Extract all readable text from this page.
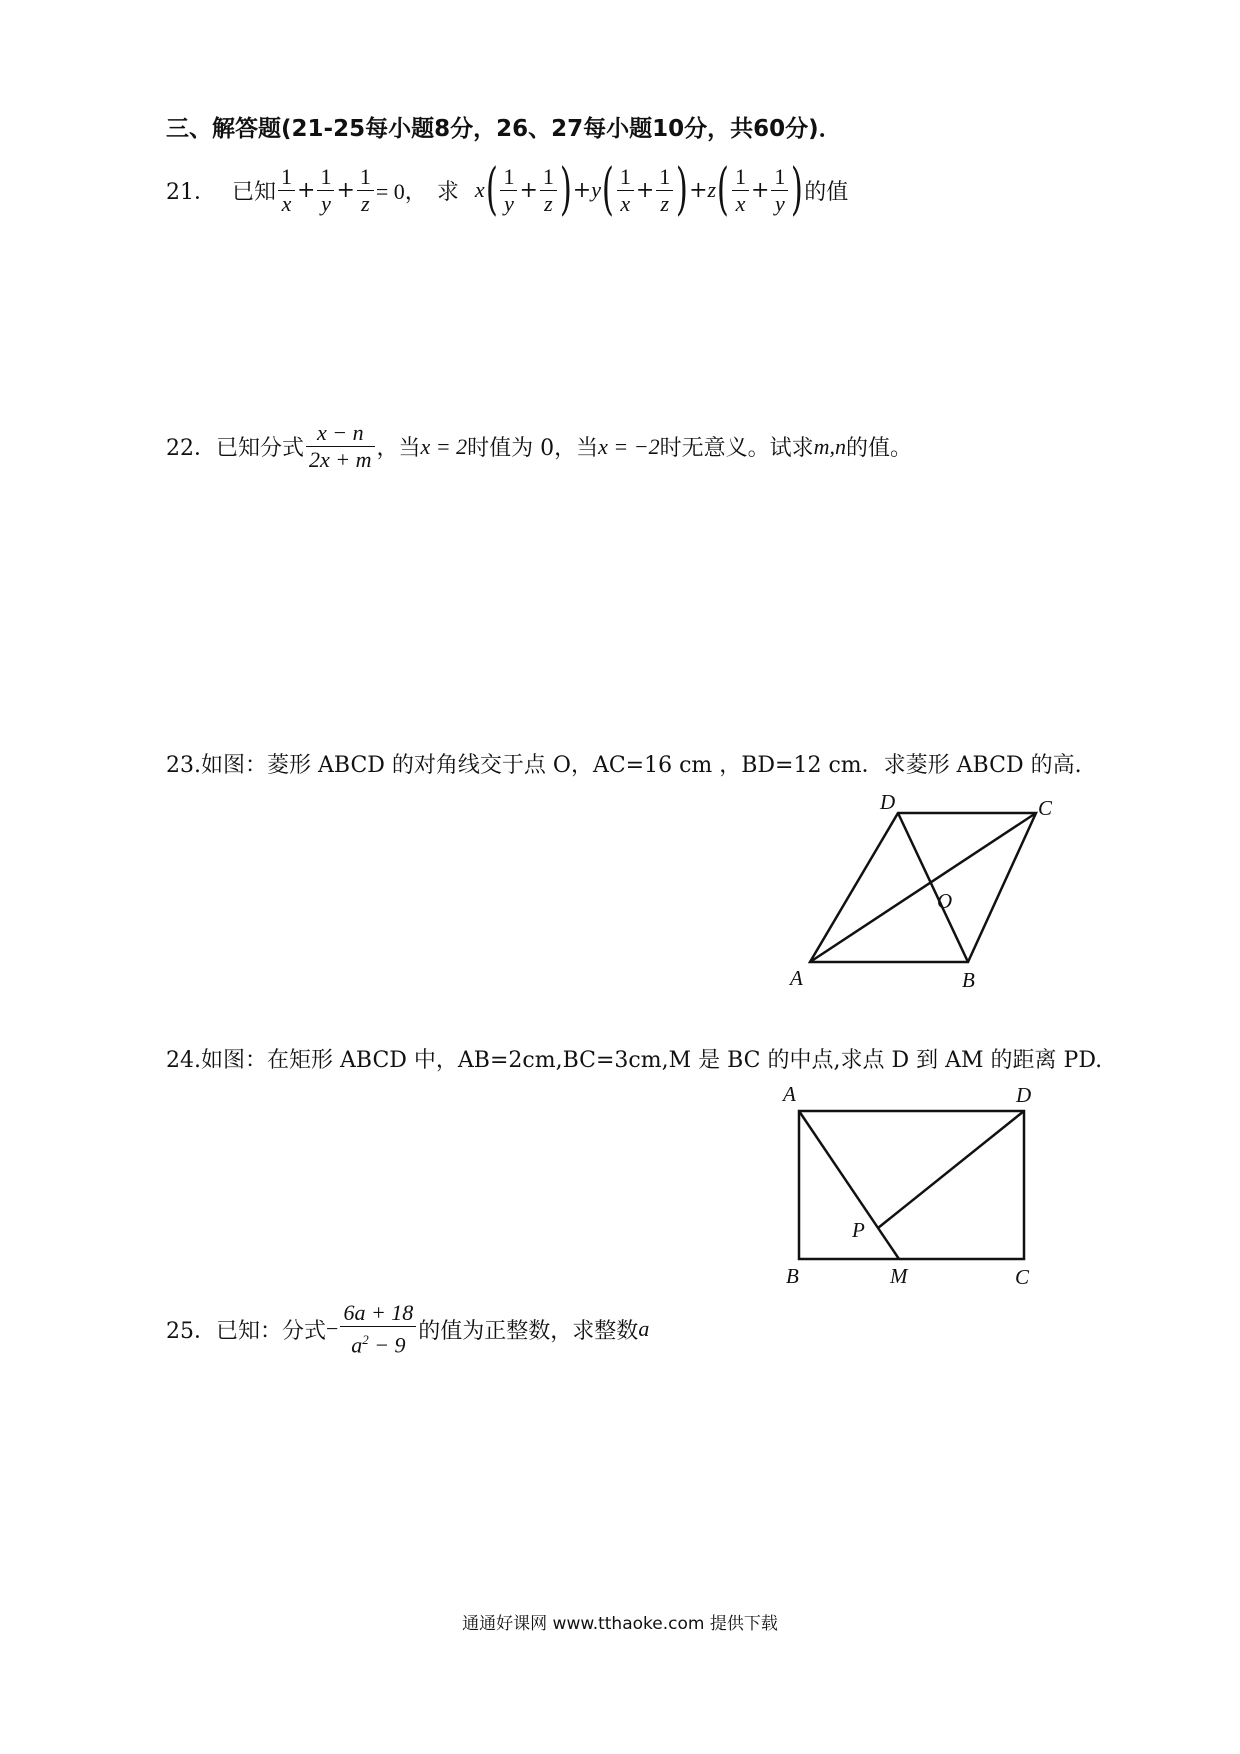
三、解答题(21-25每小题8分，26、27每小题10分，共60分)．
21． 已知 $\frac{1}{x} + \frac{1}{y} + \frac{1}{z} = 0$， 求 x ( $\frac{1}{y} + \frac{1}{z}$ ) + y ( $\frac{1}{x} + \frac{1}{z}$ ) + z ( $\frac{1}{x} + \frac{1}{y}$ ) 的值
22． 已知分式 $\frac{x - n}{2x + m}$ ，当 x = 2 时值为 0，当 x = −2 时无意义。试求 m,n 的值。
23.如图：菱形 ABCD 的对角线交于点 O，AC=16 cm ，BD=12 cm．求菱形 ABCD 的高.
D	C
O
A	B
24.如图：在矩形 ABCD 中，AB=2cm,BC=3cm,M 是 BC 的中点,求点 D 到 AM 的距离 PD.
A	D
P
B	M	C
25． 已知：分式 − $\frac{6a + 18}{a^2 - 9}$ 的值为正整数，求整数 a
通通好课网 www.tthaoke.com 提供下载
